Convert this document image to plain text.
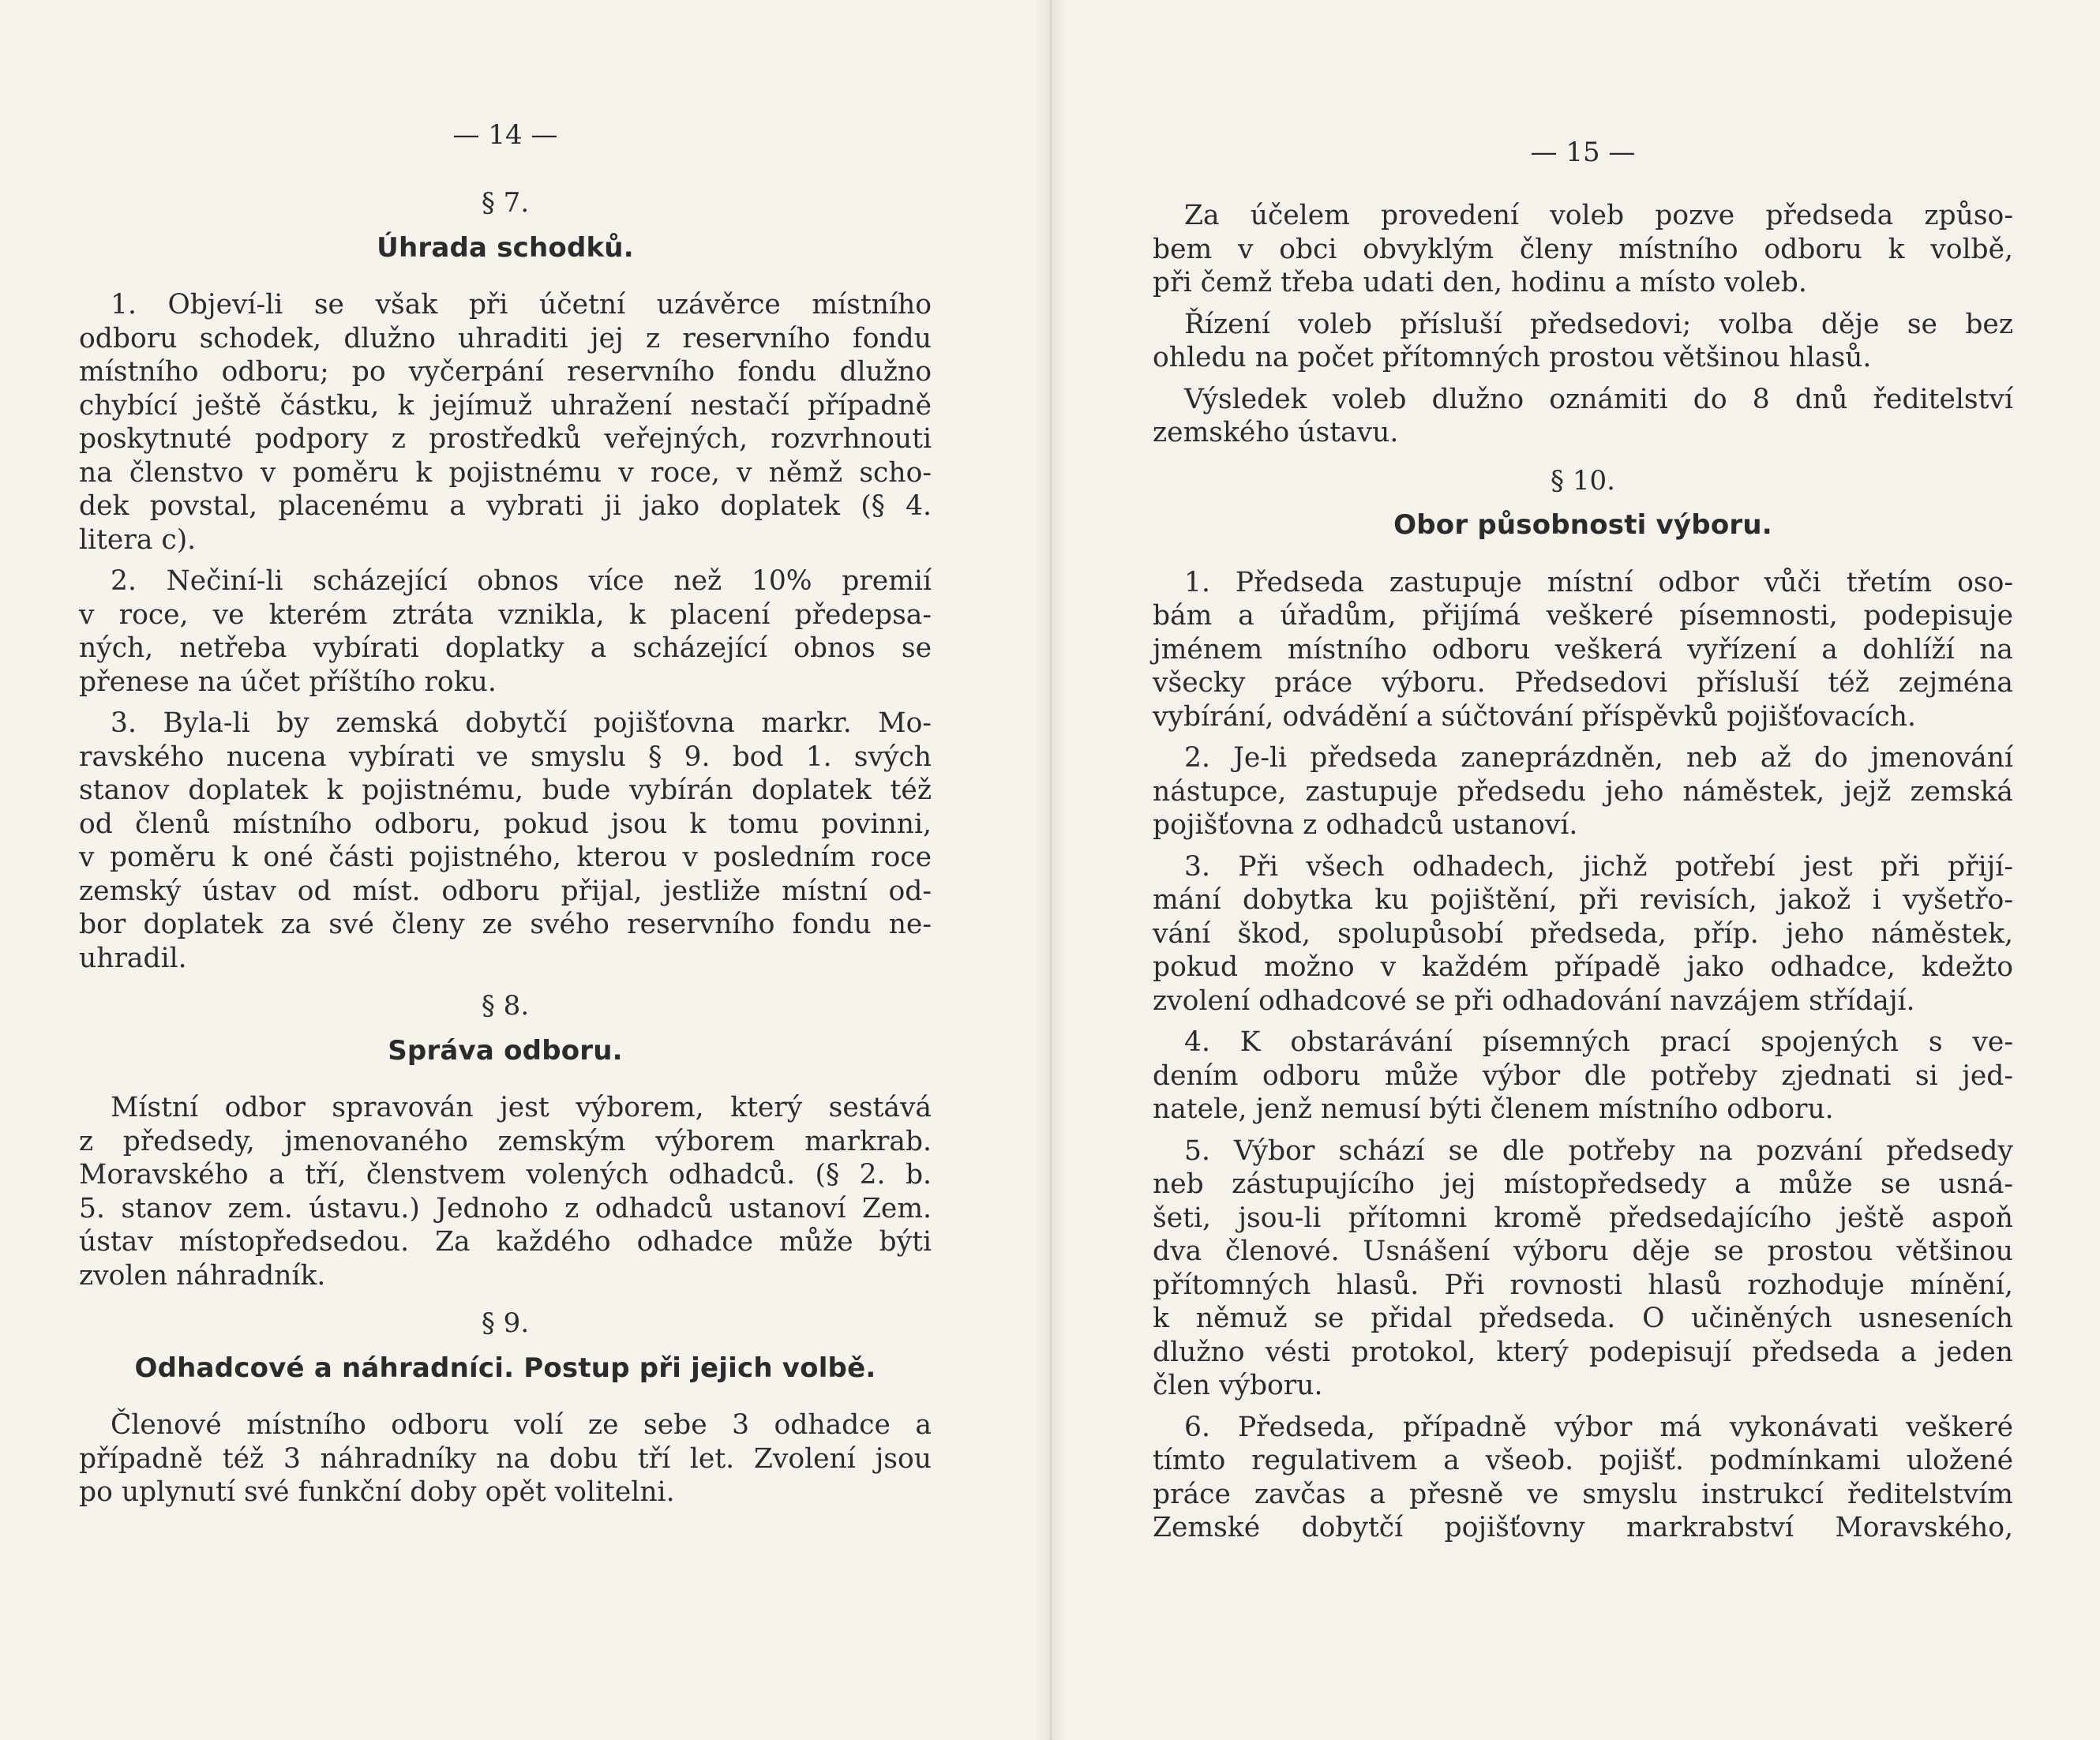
— 14 —
§ 7.
Úhrada schodků.
1. Objeví-li se však při účetní uzávěrce místního
odboru schodek, dlužno uhraditi jej z reservního fondu
místního odboru; po vyčerpání reservního fondu dlužno
chybící ještě částku, k jejímuž uhražení nestačí případně
poskytnuté podpory z prostředků veřejných, rozvrhnouti
na členstvo v poměru k pojistnému v roce, v němž scho-
dek povstal, placenému a vybrati ji jako doplatek (§ 4.
litera c).
2. Nečiní-li scházející obnos více než 10% premií
v roce, ve kterém ztráta vznikla, k placení předepsa-
ných, netřeba vybírati doplatky a scházející obnos se
přenese na účet příštího roku.
3. Byla-li by zemská dobytčí pojišťovna markr. Mo-
ravského nucena vybírati ve smyslu § 9. bod 1. svých
stanov doplatek k pojistnému, bude vybírán doplatek též
od členů místního odboru, pokud jsou k tomu povinni,
v poměru k oné části pojistného, kterou v posledním roce
zemský ústav od míst. odboru přijal, jestliže místní od-
bor doplatek za své členy ze svého reservního fondu ne-
uhradil.
§ 8.
Správa odboru.
Místní odbor spravován jest výborem, který sestává
z předsedy, jmenovaného zemským výborem markrab.
Moravského a tří, členstvem volených odhadců. (§ 2. b.
5. stanov zem. ústavu.) Jednoho z odhadců ustanoví Zem.
ústav místopředsedou. Za každého odhadce může býti
zvolen náhradník.
§ 9.
Odhadcové a náhradníci. Postup při jejich volbě.
Členové místního odboru volí ze sebe 3 odhadce a
případně též 3 náhradníky na dobu tří let. Zvolení jsou
po uplynutí své funkční doby opět volitelni.
— 15 —
Za účelem provedení voleb pozve předseda způso-
bem v obci obvyklým členy místního odboru k volbě,
při čemž třeba udati den, hodinu a místo voleb.
Řízení voleb přísluší předsedovi; volba děje se bez
ohledu na počet přítomných prostou většinou hlasů.
Výsledek voleb dlužno oznámiti do 8 dnů ředitelství
zemského ústavu.
§ 10.
Obor působnosti výboru.
1. Předseda zastupuje místní odbor vůči třetím oso-
bám a úřadům, přijímá veškeré písemnosti, podepisuje
jménem místního odboru veškerá vyřízení a dohlíží na
všecky práce výboru. Předsedovi přísluší též zejména
vybírání, odvádění a súčtování příspěvků pojišťovacích.
2. Je-li předseda zaneprázdněn, neb až do jmenování
nástupce, zastupuje předsedu jeho náměstek, jejž zemská
pojišťovna z odhadců ustanoví.
3. Při všech odhadech, jichž potřebí jest při přijí-
mání dobytka ku pojištění, při revisích, jakož i vyšetřo-
vání škod, spolupůsobí předseda, příp. jeho náměstek,
pokud možno v každém případě jako odhadce, kdežto
zvolení odhadcové se při odhadování navzájem střídají.
4. K obstarávání písemných prací spojených s ve-
dením odboru může výbor dle potřeby zjednati si jed-
natele, jenž nemusí býti členem místního odboru.
5. Výbor schází se dle potřeby na pozvání předsedy
neb zástupujícího jej místopředsedy a může se usná-
šeti, jsou-li přítomni kromě předsedajícího ještě aspoň
dva členové. Usnášení výboru děje se prostou většinou
přítomných hlasů. Při rovnosti hlasů rozhoduje mínění,
k němuž se přidal předseda. O učiněných usneseních
dlužno vésti protokol, který podepisují předseda a jeden
člen výboru.
6. Předseda, případně výbor má vykonávati veškeré
tímto regulativem a všeob. pojišť. podmínkami uložené
práce zavčas a přesně ve smyslu instrukcí ředitelstvím
Zemské dobytčí pojišťovny markrabství Moravského,
